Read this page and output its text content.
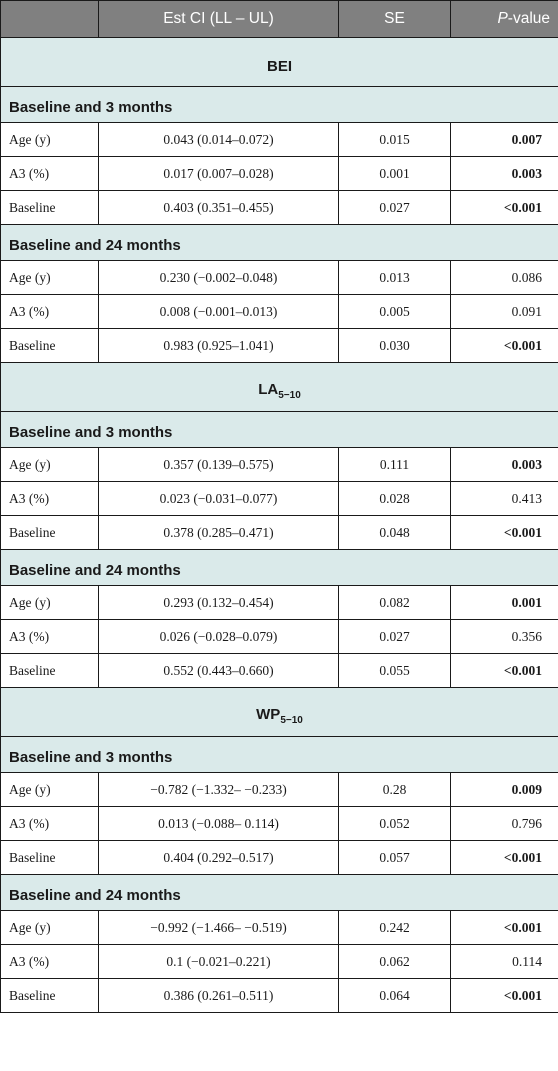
	Est CI (LL – UL)	SE	P-value
BEI			
Baseline and 3 months			
Age (y)	0.043 (0.014–0.072)	0.015	0.007
A3 (%)	0.017 (0.007–0.028)	0.001	0.003
Baseline	0.403 (0.351–0.455)	0.027	<0.001
Baseline and 24 months			
Age (y)	0.230 (−0.002–0.048)	0.013	0.086
A3 (%)	0.008 (−0.001–0.013)	0.005	0.091
Baseline	0.983 (0.925–1.041)	0.030	<0.001
$LA_{5-10}$
Baseline and 3 months			
Age (y)	0.357 (0.139–0.575)	0.111	0.003
A3 (%)	0.023 (−0.031–0.077)	0.028	0.413
Baseline	0.378 (0.285–0.471)	0.048	<0.001
Baseline and 24 months			
Age (y)	0.293 (0.132–0.454)	0.082	0.001
A3 (%)	0.026 (−0.028–0.079)	0.027	0.356
Baseline	0.552 (0.443–0.660)	0.055	<0.001
$WP_{5-10}$
Baseline and 3 months			
Age (y)	−0.782 (−1.332– −0.233)	0.28	0.009
A3 (%)	0.013 (−0.088– 0.114)	0.052	0.796
Baseline	0.404 (0.292–0.517)	0.057	<0.001
Baseline and 24 months			
Age (y)	−0.992 (−1.466– −0.519)	0.242	<0.001
A3 (%)	0.1 (−0.021–0.221)	0.062	0.114
Baseline	0.386 (0.261–0.511)	0.064	<0.001
